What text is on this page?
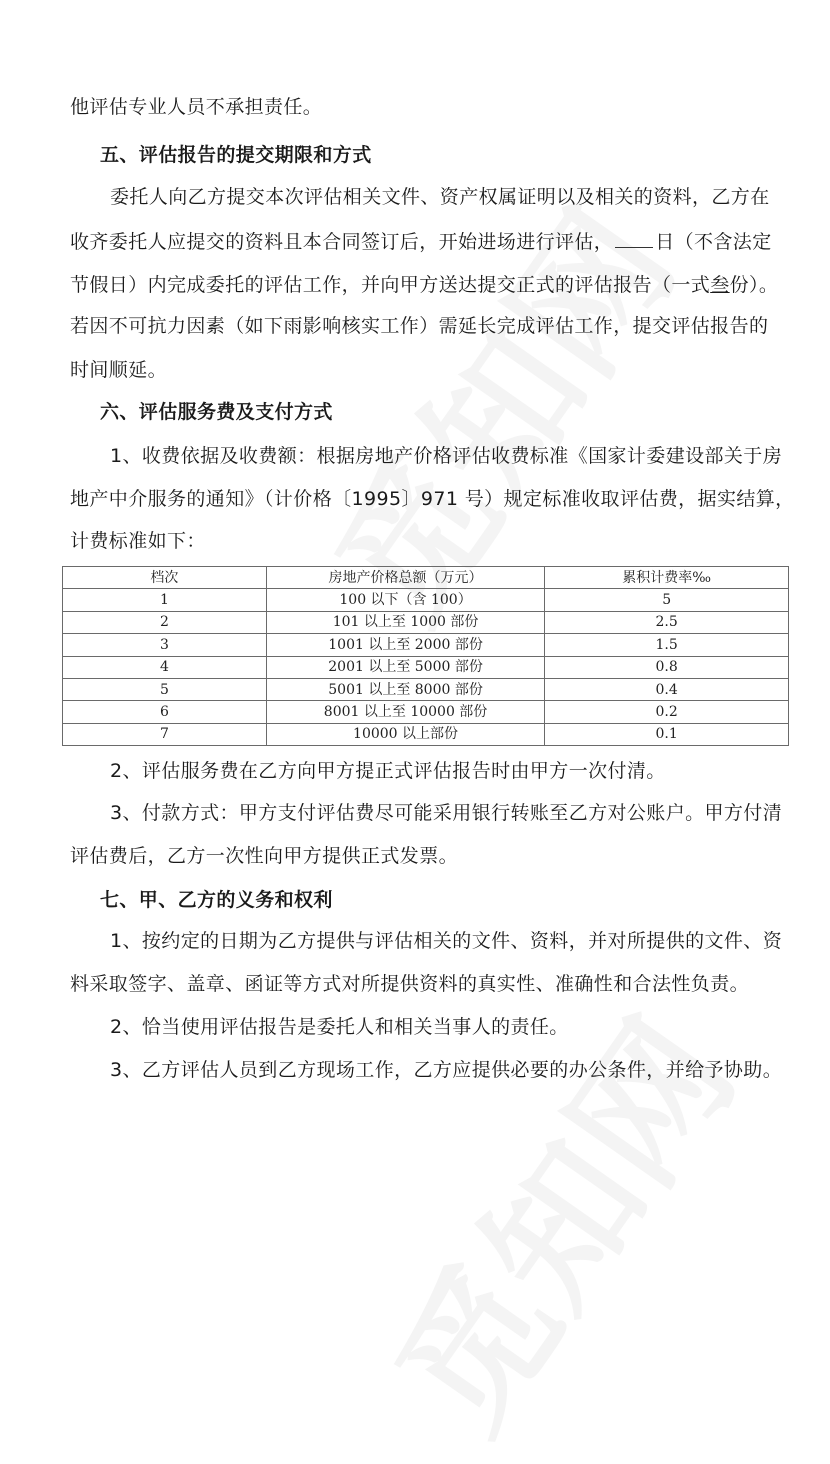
他评估专业人员不承担责任。
五、评估报告的提交期限和方式
委托人向乙方提交本次评估相关文件、资产权属证明以及相关的资料，乙方在
收齐委托人应提交的资料且本合同签订后，开始进场进行评估， 日（不含法定
节假日）内完成委托的评估工作，并向甲方送达提交正式的评估报告（一式叁份）。
若因不可抗力因素（如下雨影响核实工作）需延长完成评估工作，提交评估报告的
时间顺延。
六、评估服务费及支付方式
1、收费依据及收费额：根据房地产价格评估收费标准《国家计委建设部关于房
地产中介服务的通知》（计价格〔1995〕971 号）规定标准收取评估费，据实结算，
计费标准如下：
档次	房地产价格总额（万元）	累积计费率‰
1	100 以下（含 100）	5
2	101 以上至 1000 部份	2.5
3	1001 以上至 2000 部份	1.5
4	2001 以上至 5000 部份	0.8
5	5001 以上至 8000 部份	0.4
6	8001 以上至 10000 部份	0.2
7	10000 以上部份	0.1
2、评估服务费在乙方向甲方提正式评估报告时由甲方一次付清。
3、付款方式：甲方支付评估费尽可能采用银行转账至乙方对公账户。甲方付清
评估费后，乙方一次性向甲方提供正式发票。
七、甲、乙方的义务和权利
1、按约定的日期为乙方提供与评估相关的文件、资料，并对所提供的文件、资
料采取签字、盖章、函证等方式对所提供资料的真实性、准确性和合法性负责。
2、恰当使用评估报告是委托人和相关当事人的责任。
3、乙方评估人员到乙方现场工作，乙方应提供必要的办公条件，并给予协助。
